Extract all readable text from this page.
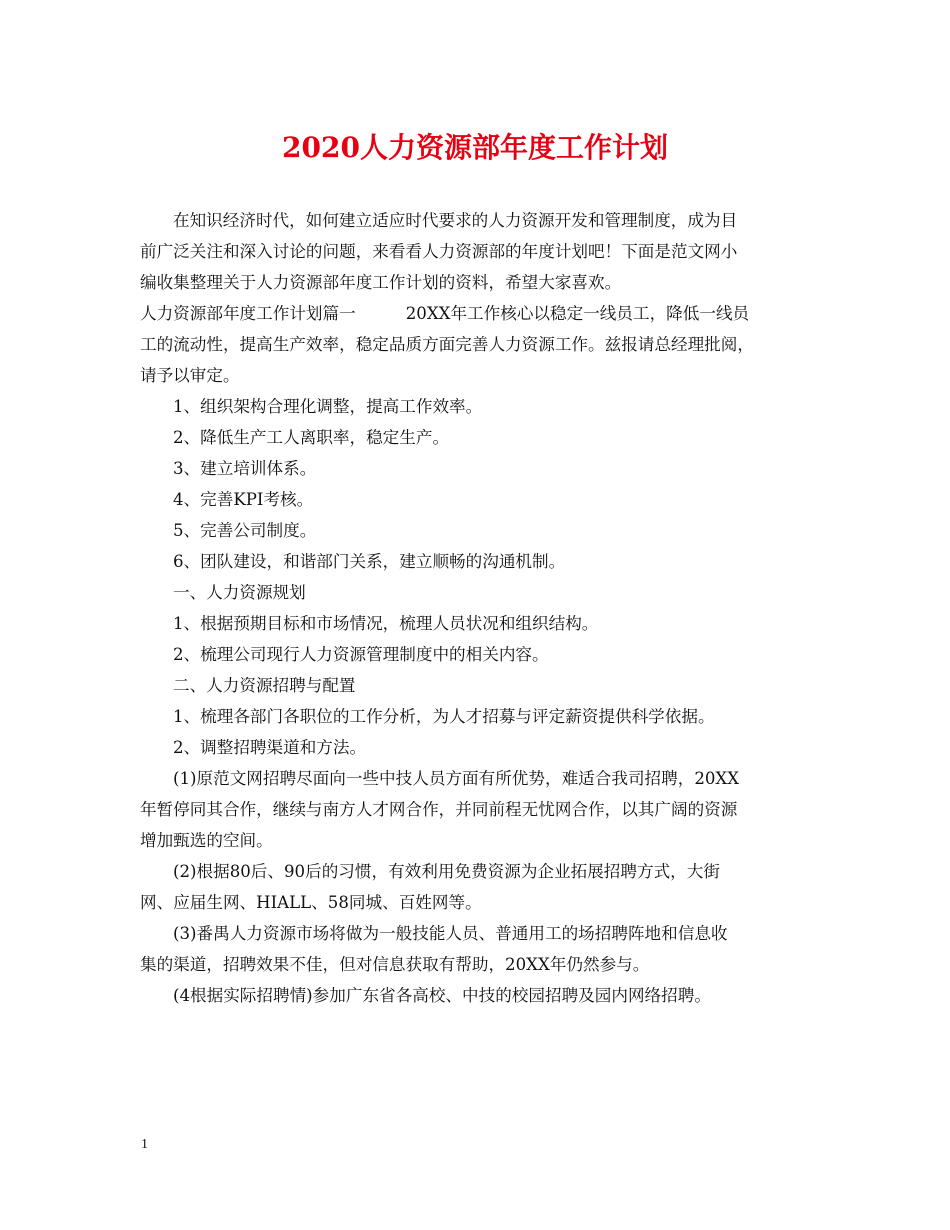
2020人力资源部年度工作计划

在知识经济时代，如何建立适应时代要求的人力资源开发和管理制度，成为目

前广泛关注和深入讨论的问题，来看看人力资源部的年度计划吧！下面是范文网小

编收集整理关于人力资源部年度工作计划的资料，希望大家喜欢。

人力资源部年度工作计划篇一	20XX年工作核心以稳定一线员工，降低一线员

工的流动性，提高生产效率，稳定品质方面完善人力资源工作。兹报请总经理批阅，

请予以审定。

1、组织架构合理化调整，提高工作效率。

2、降低生产工人离职率，稳定生产。

3、建立培训体系。

4、完善KPI考核。

5、完善公司制度。

6、团队建设，和谐部门关系，建立顺畅的沟通机制。

一、人力资源规划

1、根据预期目标和市场情况，梳理人员状况和组织结构。

2、梳理公司现行人力资源管理制度中的相关内容。

二、人力资源招聘与配置

1、梳理各部门各职位的工作分析，为人才招募与评定薪资提供科学依据。

2、调整招聘渠道和方法。

(1)原范文网招聘尽面向一些中技人员方面有所优势，难适合我司招聘，20XX

年暂停同其合作，继续与南方人才网合作，并同前程无忧网合作，以其广阔的资源

增加甄选的空间。

(2)根据80后、90后的习惯，有效利用免费资源为企业拓展招聘方式，大街

网、应届生网、HIALL、58同城、百姓网等。

(3)番禺人力资源市场将做为一般技能人员、普通用工的场招聘阵地和信息收

集的渠道，招聘效果不佳，但对信息获取有帮助，20XX年仍然参与。

(4根据实际招聘情)参加广东省各高校、中技的校园招聘及园内网络招聘。

1
